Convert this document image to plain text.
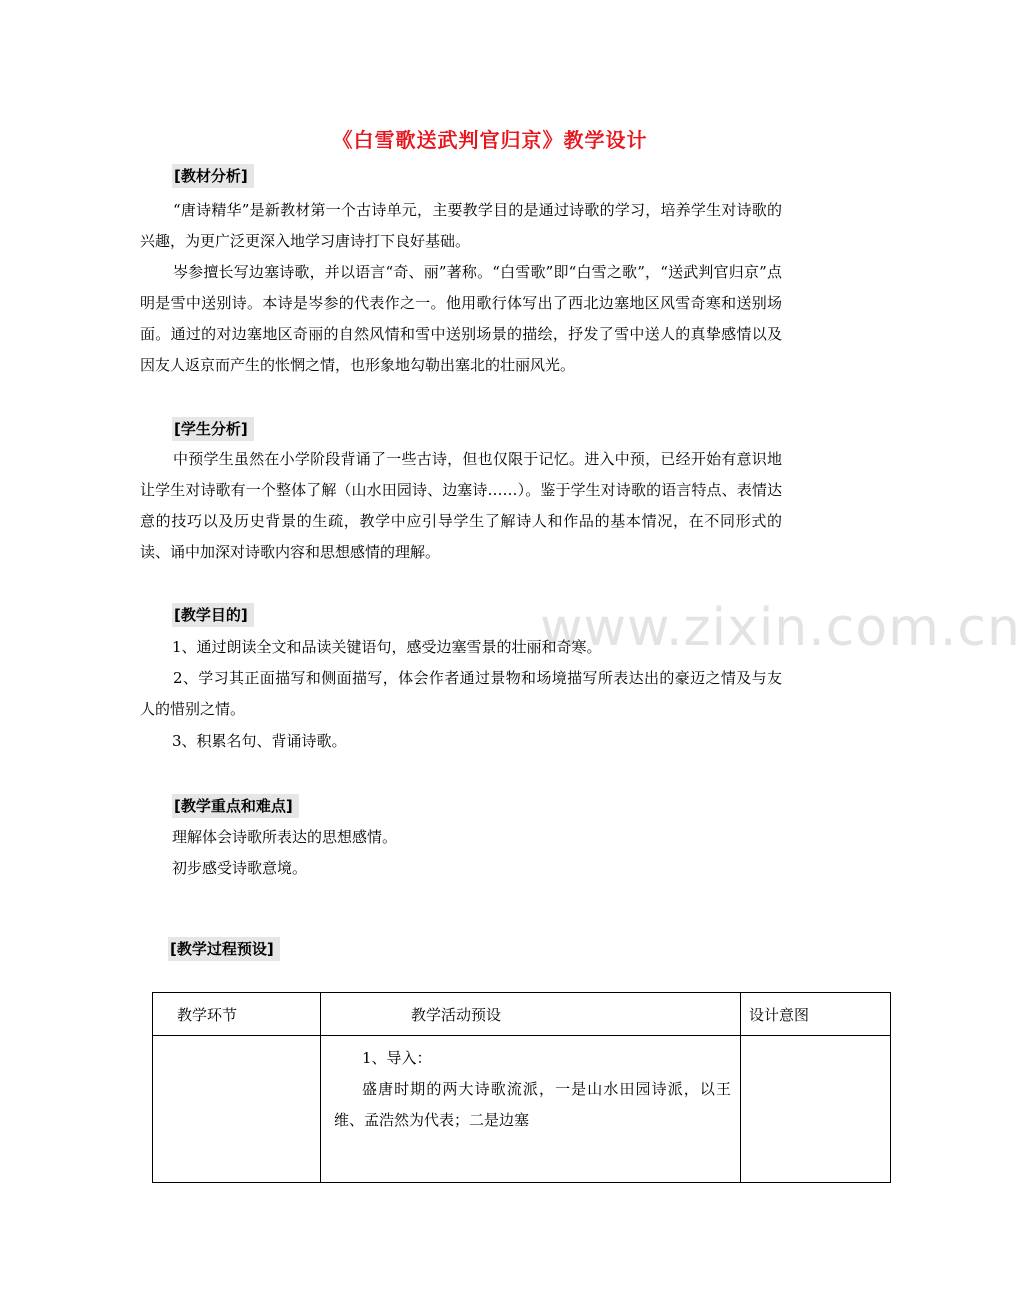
《白雪歌送武判官归京》教学设计
[教材分析]

“唐诗精华”是新教材第一个古诗单元，主要教学目的是通过诗歌的学习，培养学生对诗歌的兴趣，为更广泛更深入地学习唐诗打下良好基础。

岑参擅长写边塞诗歌，并以语言“奇、丽”著称。“白雪歌”即“白雪之歌”，“送武判官归京”点明是雪中送别诗。本诗是岑参的代表作之一。他用歌行体写出了西北边塞地区风雪奇寒和送别场面。通过的对边塞地区奇丽的自然风情和雪中送别场景的描绘，抒发了雪中送人的真挚感情以及因友人返京而产生的怅惘之情，也形象地勾勒出塞北的壮丽风光。

[学生分析]

中预学生虽然在小学阶段背诵了一些古诗，但也仅限于记忆。进入中预，已经开始有意识地让学生对诗歌有一个整体了解（山水田园诗、边塞诗……）。鉴于学生对诗歌的语言特点、表情达意的技巧以及历史背景的生疏，教学中应引导学生了解诗人和作品的基本情况，在不同形式的读、诵中加深对诗歌内容和思想感情的理解。

www.zixin.com.cn
[教学目的]

1、通过朗读全文和品读关键语句，感受边塞雪景的壮丽和奇寒。

2、学习其正面描写和侧面描写，体会作者通过景物和场境描写所表达出的豪迈之情及与友人的惜别之情。

3、积累名句、背诵诗歌。

[教学重点和难点]

理解体会诗歌所表达的思想感情。

初步感受诗歌意境。

[教学过程预设]
教学环节	教学活动预设	设计意图

	1、导入：

盛唐时期的两大诗歌流派，一是山水田园诗派，以王维、孟浩然为代表；二是边塞	
